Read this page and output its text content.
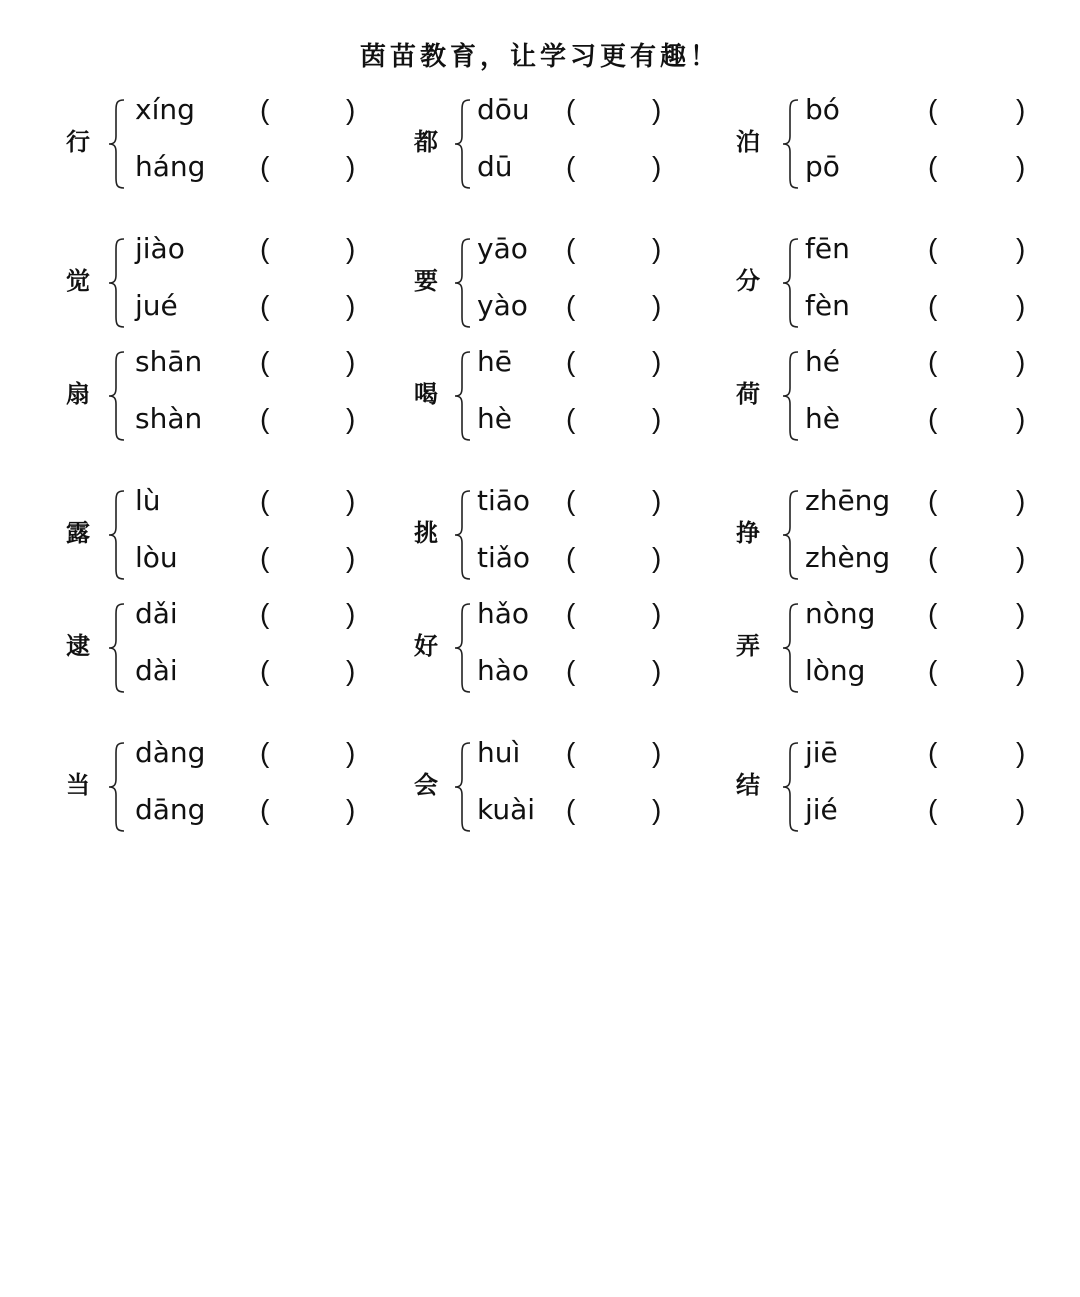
茵苗教育，让学习更有趣！
行
xíng (	)
háng (	)
都
dōu (	)
dū (	)
泊
bó	(	)
pō	(	)
觉
jiào	(	)
jué	(	)
要
yāo (	)
yào (	)
分
fēn	(	)
fèn	(	)
扇
shān (	)
shàn (	)
喝
hē (	)
hè (	)
荷
hé	(	)
hè	(	)
露
lù	(	)
lòu	(	)
挑
tiāo (	)
tiǎo (	)
挣
zhēng (	)
zhèng (	)
逮
dǎi	(	)
dài	(	)
好
hǎo (	)
hào (	)
弄
nòng (	)
lòng (	)
当
dàng (	)
dāng (	)
会
huì (	)
kuài (	)
结
jiē	(	)
jié	(	)
